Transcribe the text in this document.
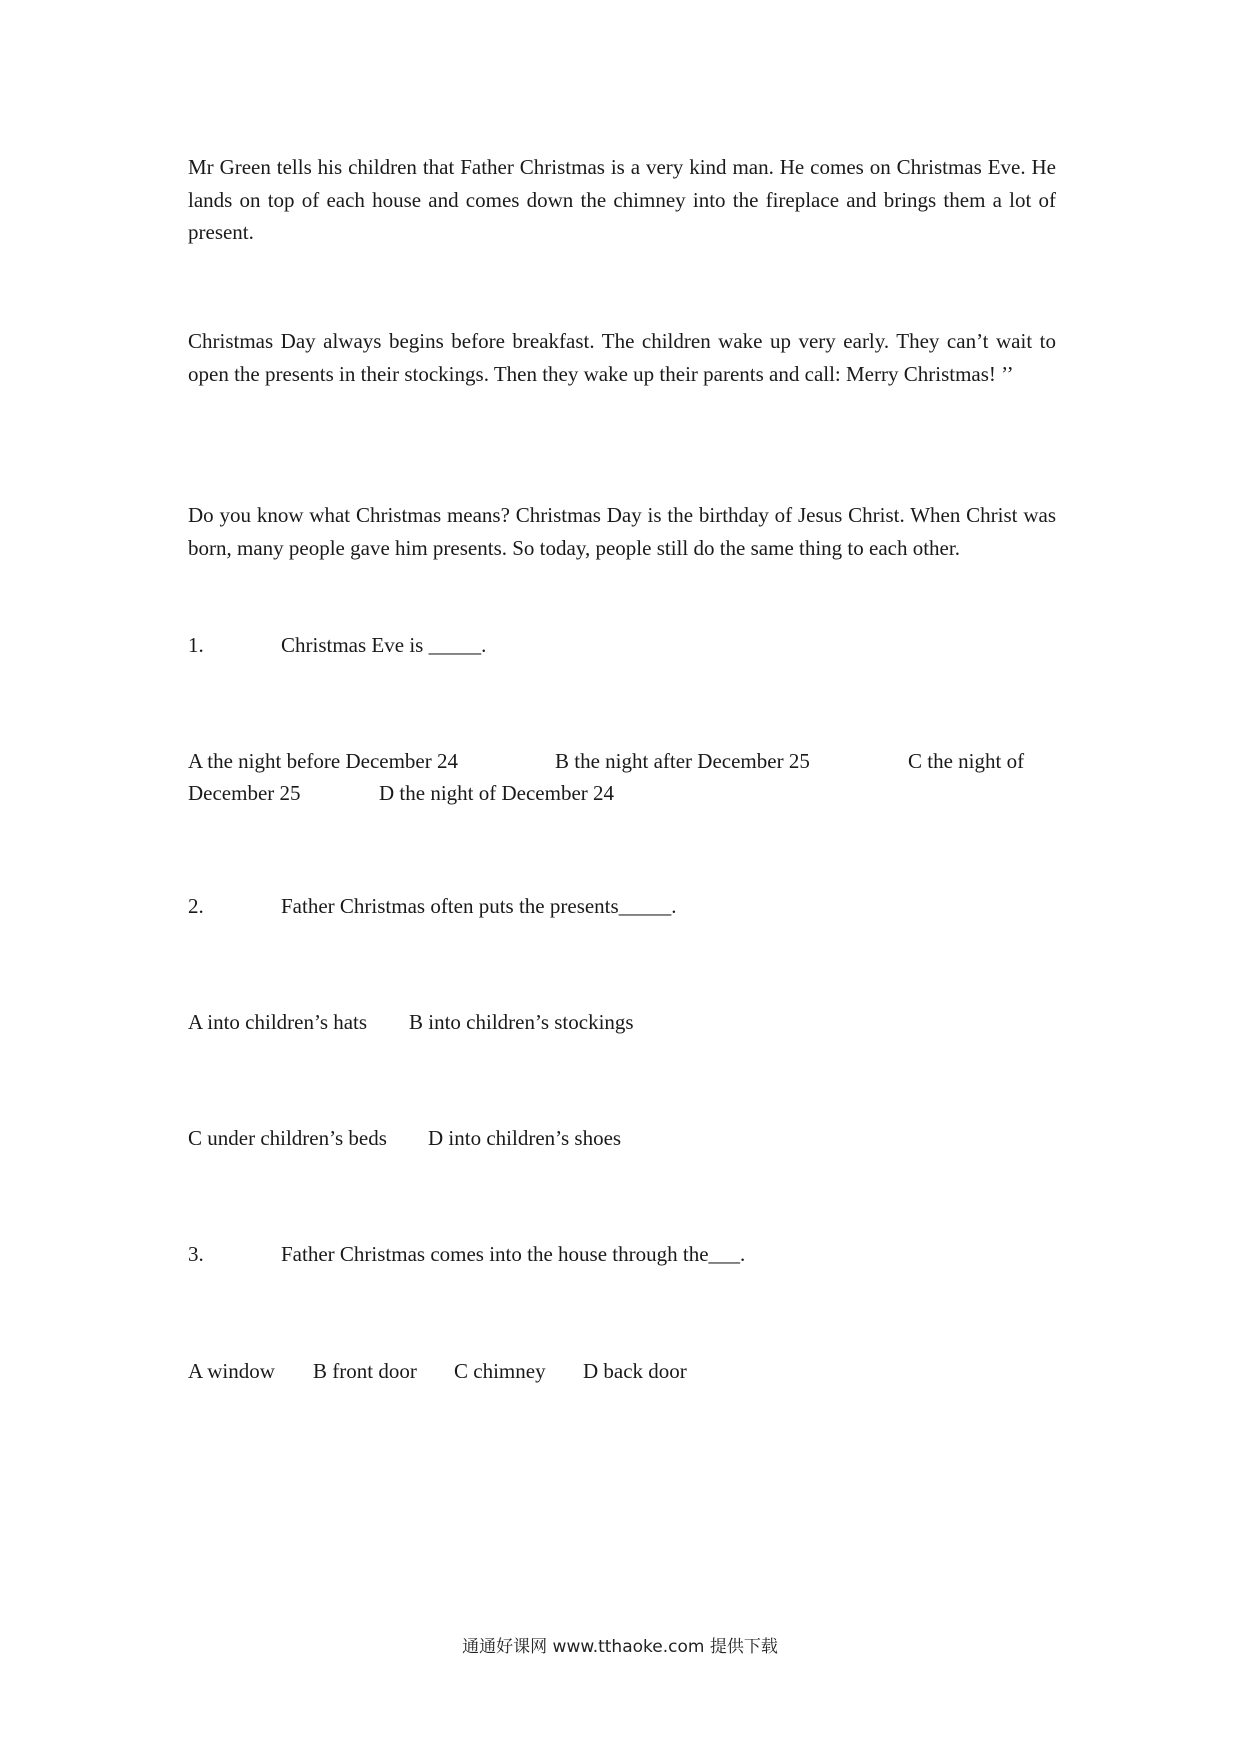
Mr Green tells his children that Father Christmas is a very kind man. He comes on Christmas Eve. He lands on top of each house and comes down the chimney into the fireplace and brings them a lot of present.

Christmas Day always begins before breakfast. The children wake up very early. They can’t wait to open the presents in their stockings. Then they wake up their parents and call: Merry Christmas! ’’

Do you know what Christmas means? Christmas Day is the birthday of Jesus Christ. When Christ was born, many people gave him presents. So today, people still do the same thing to each other.

1.	Christmas Eve is _____.
A the night before December 24	B the night after December 25	C the night of
D the night of December 24
December 25
2.	Father Christmas often puts the presents_____.
A into children’s hats B into children’s stockings
C under children’s beds D into children’s shoes
3.	Father Christmas comes into the house through the___.
A window B front door C chimney D back door
通通好课网 www.tthaoke.com 提供下载
